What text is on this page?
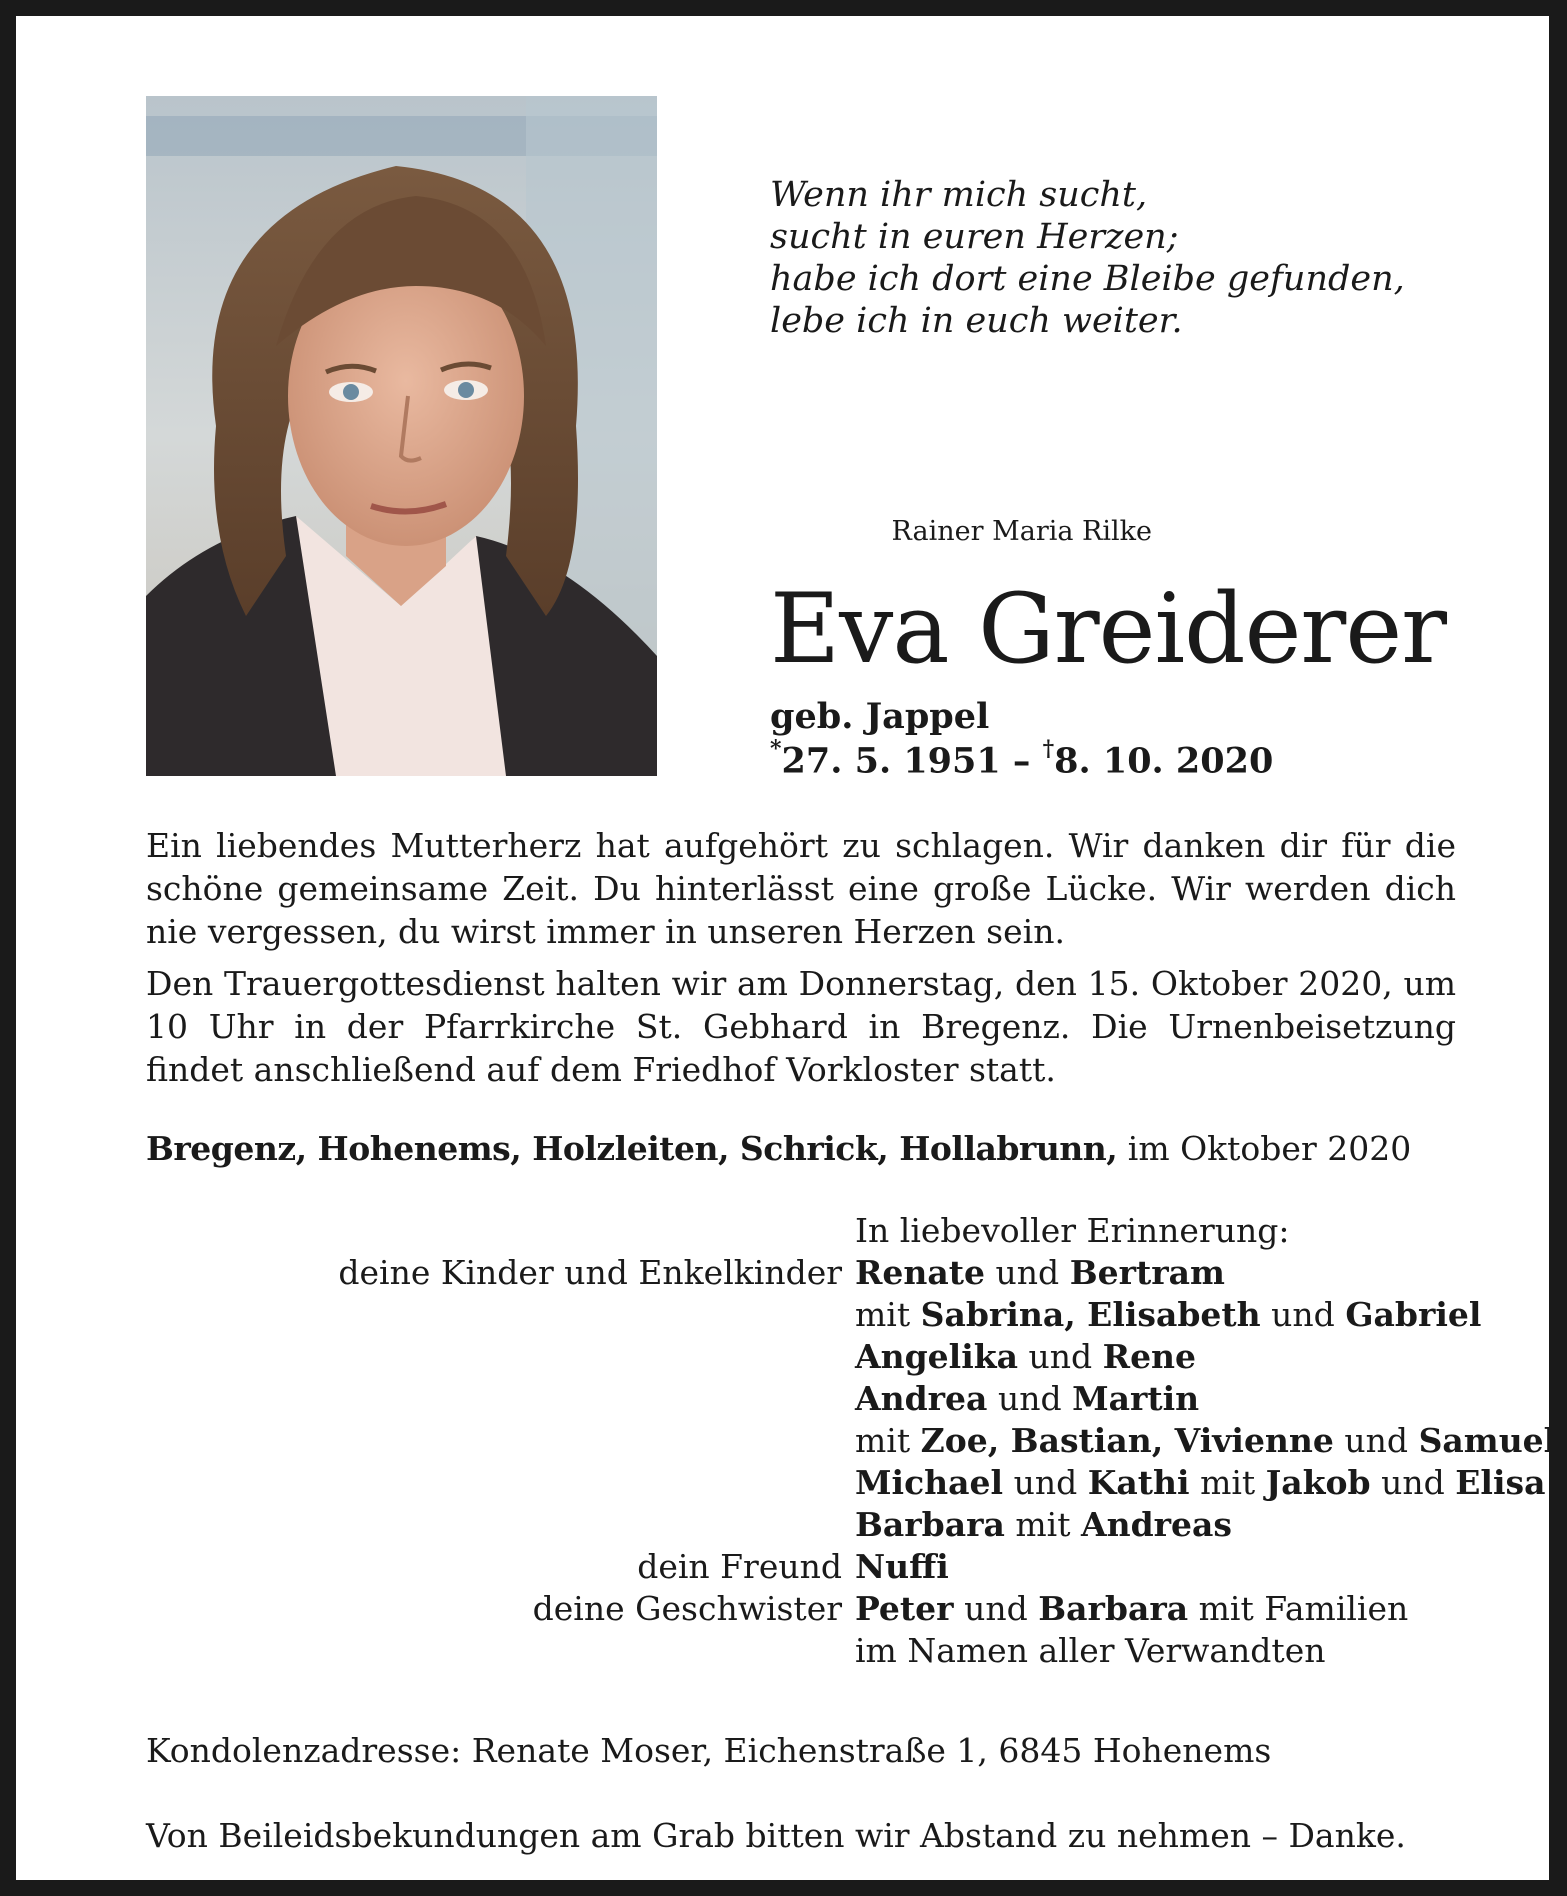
Wenn ihr mich sucht,
sucht in euren Herzen;
habe ich dort eine Bleibe gefunden,
lebe ich in euch weiter.
Rainer Maria Rilke
Eva Greiderer
geb. Jappel
*27. 5. 1951 – †8. 10. 2020

Ein liebendes Mutterherz hat aufgehört zu schlagen. Wir danken dir für die schöne gemeinsame Zeit. Du hinterlässt eine große Lücke. Wir werden dich nie vergessen, du wirst immer in unseren Herzen sein.

Den Trauergottesdienst halten wir am Donnerstag, den 15. Oktober 2020, um 10 Uhr in der Pfarrkirche St. Gebhard in Bregenz. Die Urnenbeisetzung findet anschließend auf dem Friedhof Vorkloster statt.

Bregenz, Hohenems, Holzleiten, Schrick, Hollabrunn, im Oktober 2020
In liebevoller Erinnerung:
deine Kinder und Enkelkinder Renate und Bertram
mit Sabrina, Elisabeth und Gabriel
Angelika und Rene
Andrea und Martin
mit Zoe, Bastian, Vivienne und Samuel
Michael und Kathi mit Jakob und Elisa
Barbara mit Andreas
dein Freund Nuffi
deine Geschwister Peter und Barbara mit Familien
im Namen aller Verwandten
Kondolenzadresse: Renate Moser, Eichenstraße 1, 6845 Hohenems
Von Beileidsbekundungen am Grab bitten wir Abstand zu nehmen – Danke.
